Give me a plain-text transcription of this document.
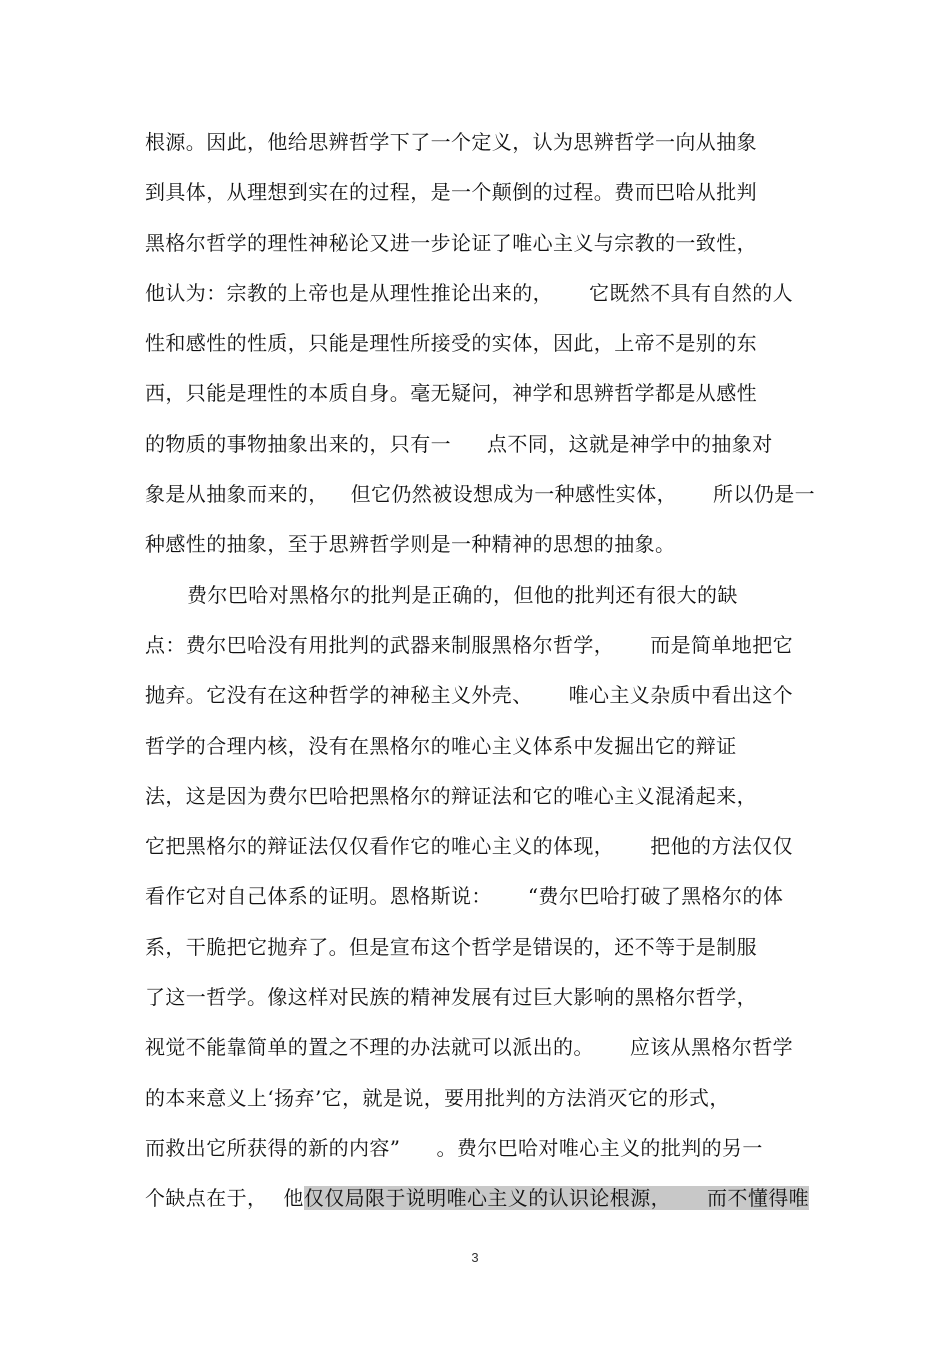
根源。因此，他给思辨哲学下了一个定义，认为思辨哲学一向从抽象
到具体，从理想到实在的过程，是一个颠倒的过程。费而巴哈从批判
黑格尔哲学的理性神秘论又进一步论证了唯心主义与宗教的一致性，
他认为：宗教的上帝也是从理性推论出来的， 它既然不具有自然的人
性和感性的性质，只能是理性所接受的实体，因此，上帝不是别的东
西，只能是理性的本质自身。毫无疑问，神学和思辨哲学都是从感性
的物质的事物抽象出来的，只有一 点不同，这就是神学中的抽象对
象是从抽象而来的， 但它仍然被设想成为一种感性实体， 所以仍是一
种感性的抽象，至于思辨哲学则是一种精神的思想的抽象。
费尔巴哈对黑格尔的批判是正确的，但他的批判还有很大的缺
点：费尔巴哈没有用批判的武器来制服黑格尔哲学， 而是简单地把它
抛弃。它没有在这种哲学的神秘主义外壳、 唯心主义杂质中看出这个
哲学的合理内核，没有在黑格尔的唯心主义体系中发掘出它的辩证
法，这是因为费尔巴哈把黑格尔的辩证法和它的唯心主义混淆起来，
它把黑格尔的辩证法仅仅看作它的唯心主义的体现， 把他的方法仅仅
看作它对自己体系的证明。恩格斯说： “费尔巴哈打破了黑格尔的体
系，干脆把它抛弃了。但是宣布这个哲学是错误的，还不等于是制服
了这一哲学。像这样对民族的精神发展有过巨大影响的黑格尔哲学，
视觉不能靠简单的置之不理的办法就可以派出的。 应该从黑格尔哲学
的本来意义上‘扬弃’它，就是说，要用批判的方法消灭它的形式，
而救出它所获得的新的内容” 。费尔巴哈对唯心主义的批判的另一
个缺点在于， 他仅仅局限于说明唯心主义的认识论根源， 而不懂得唯
3
